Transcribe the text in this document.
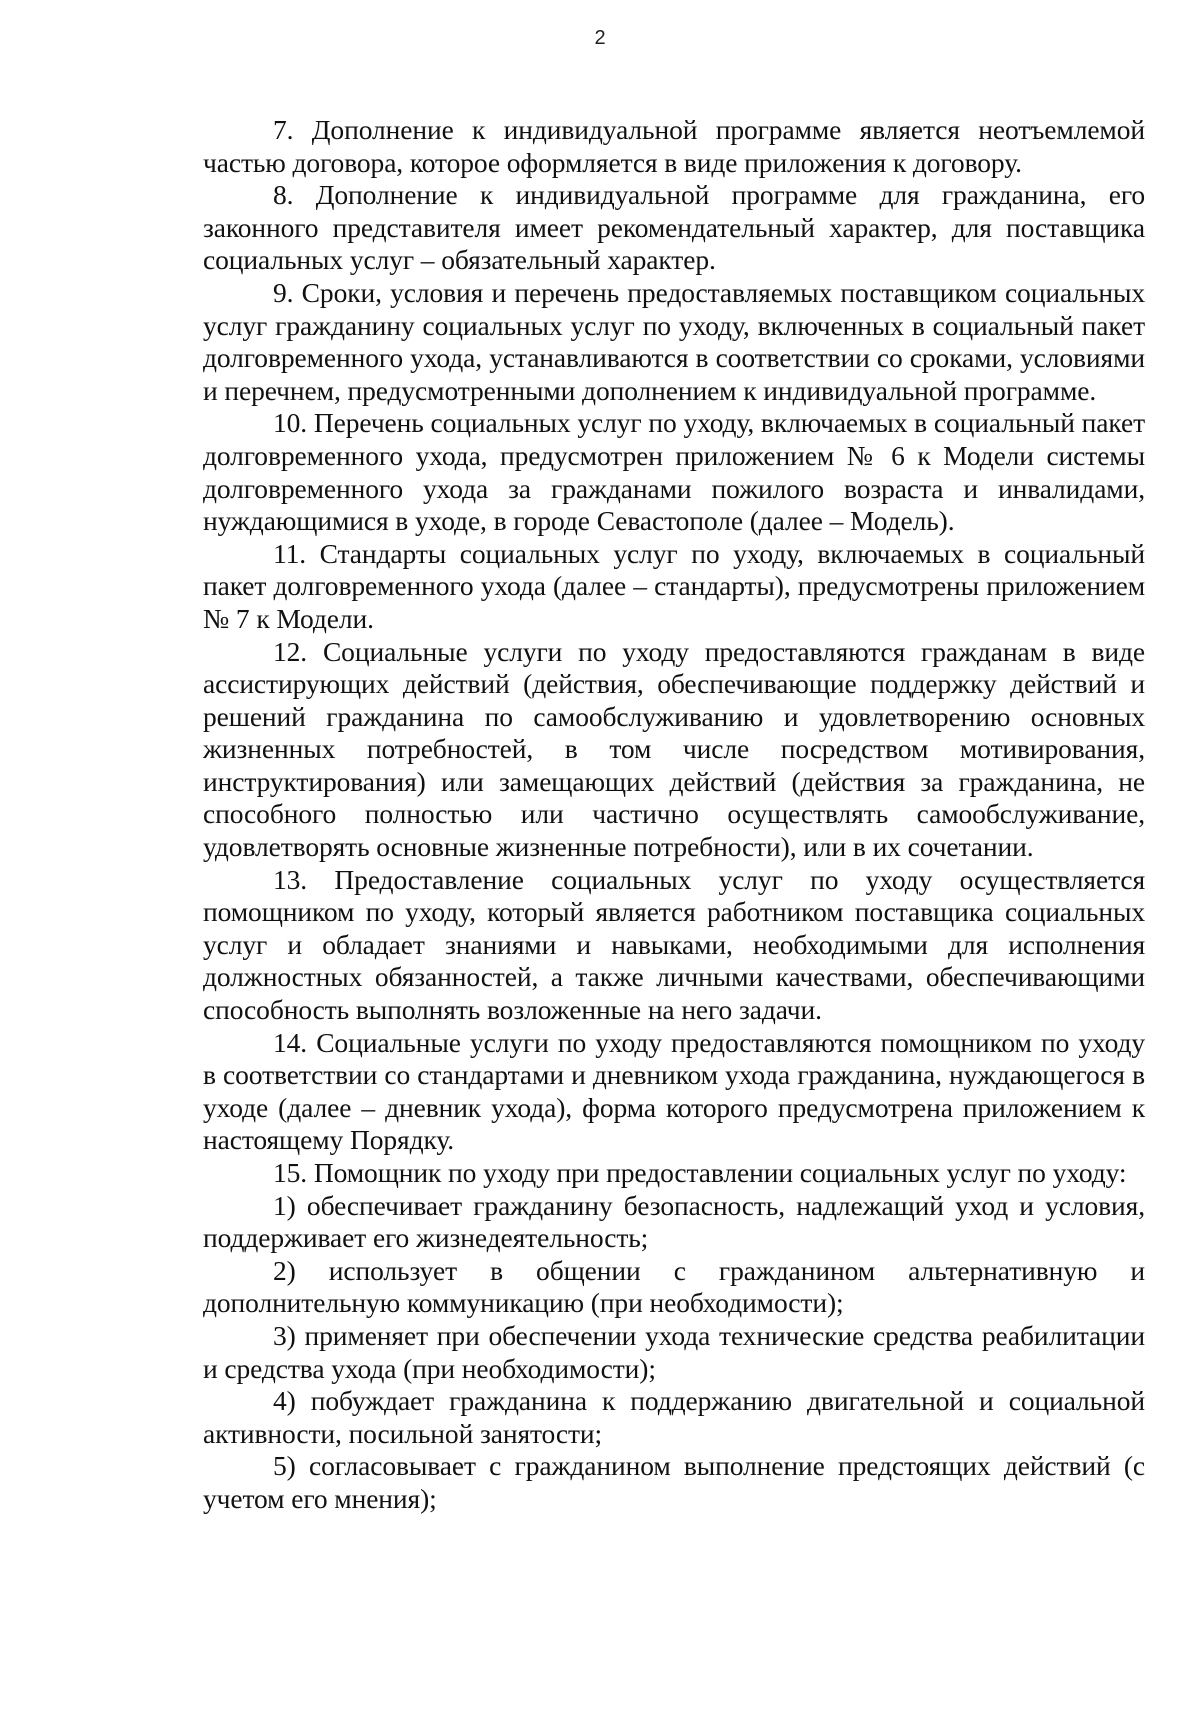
2

7. Дополнение к индивидуальной программе является неотъемлемой частью договора, которое оформляется в виде приложения к договору.

8. Дополнение к индивидуальной программе для гражданина, его законного представителя имеет рекомендательный характер, для поставщика социальных услуг – обязательный характер.

9. Сроки, условия и перечень предоставляемых поставщиком социальных услуг гражданину социальных услуг по уходу, включенных в социальный пакет долговременного ухода, устанавливаются в соответствии со сроками, условиями и перечнем, предусмотренными дополнением к индивидуальной программе.

10. Перечень социальных услуг по уходу, включаемых в социальный пакет долговременного ухода, предусмотрен приложением № 6 к Модели системы долговременного ухода за гражданами пожилого возраста и инвалидами, нуждающимися в уходе, в городе Севастополе (далее – Модель).

11. Стандарты социальных услуг по уходу, включаемых в социальный пакет долговременного ухода (далее – стандарты), предусмотрены приложением № 7 к Модели.

12. Социальные услуги по уходу предоставляются гражданам в виде ассистирующих действий (действия, обеспечивающие поддержку действий и решений гражданина по самообслуживанию и удовлетворению основных жизненных потребностей, в том числе посредством мотивирования, инструктирования) или замещающих действий (действия за гражданина, не способного полностью или частично осуществлять самообслуживание, удовлетворять основные жизненные потребности), или в их сочетании.

13. Предоставление социальных услуг по уходу осуществляется помощником по уходу, который является работником поставщика социальных услуг и обладает знаниями и навыками, необходимыми для исполнения должностных обязанностей, а также личными качествами, обеспечивающими способность выполнять возложенные на него задачи.

14. Социальные услуги по уходу предоставляются помощником по уходу в соответствии со стандартами и дневником ухода гражданина, нуждающегося в уходе (далее – дневник ухода), форма которого предусмотрена приложением к настоящему Порядку.

15. Помощник по уходу при предоставлении социальных услуг по уходу:

1) обеспечивает гражданину безопасность, надлежащий уход и условия, поддерживает его жизнедеятельность;

2) использует в общении с гражданином альтернативную и дополнительную коммуникацию (при необходимости);

3) применяет при обеспечении ухода технические средства реабилитации и средства ухода (при необходимости);

4) побуждает гражданина к поддержанию двигательной и социальной активности, посильной занятости;

5) согласовывает с гражданином выполнение предстоящих действий (с учетом его мнения);
